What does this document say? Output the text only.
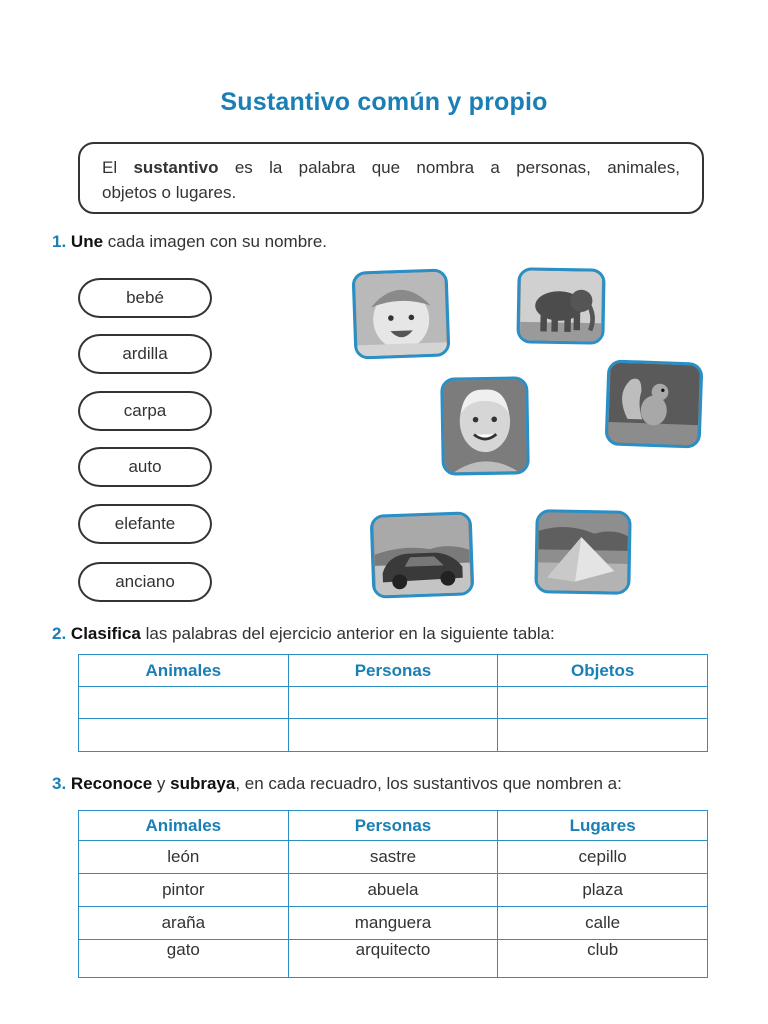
Sustantivo común y propio
El sustantivo es la palabra que nombra a personas, animales,
objetos o lugares.
1. Une cada imagen con su nombre.
bebé
ardilla
carpa
auto
elefante
anciano
2. Clasifica las palabras del ejercicio anterior en la siguiente tabla:
Animales	Personas	Objetos

3. Reconoce y subraya, en cada recuadro, los sustantivos que nombren a:
Animales	Personas	Lugares
león	sastre	cepillo
pintor	abuela	plaza
araña	manguera	calle
gato	arquitecto	club
